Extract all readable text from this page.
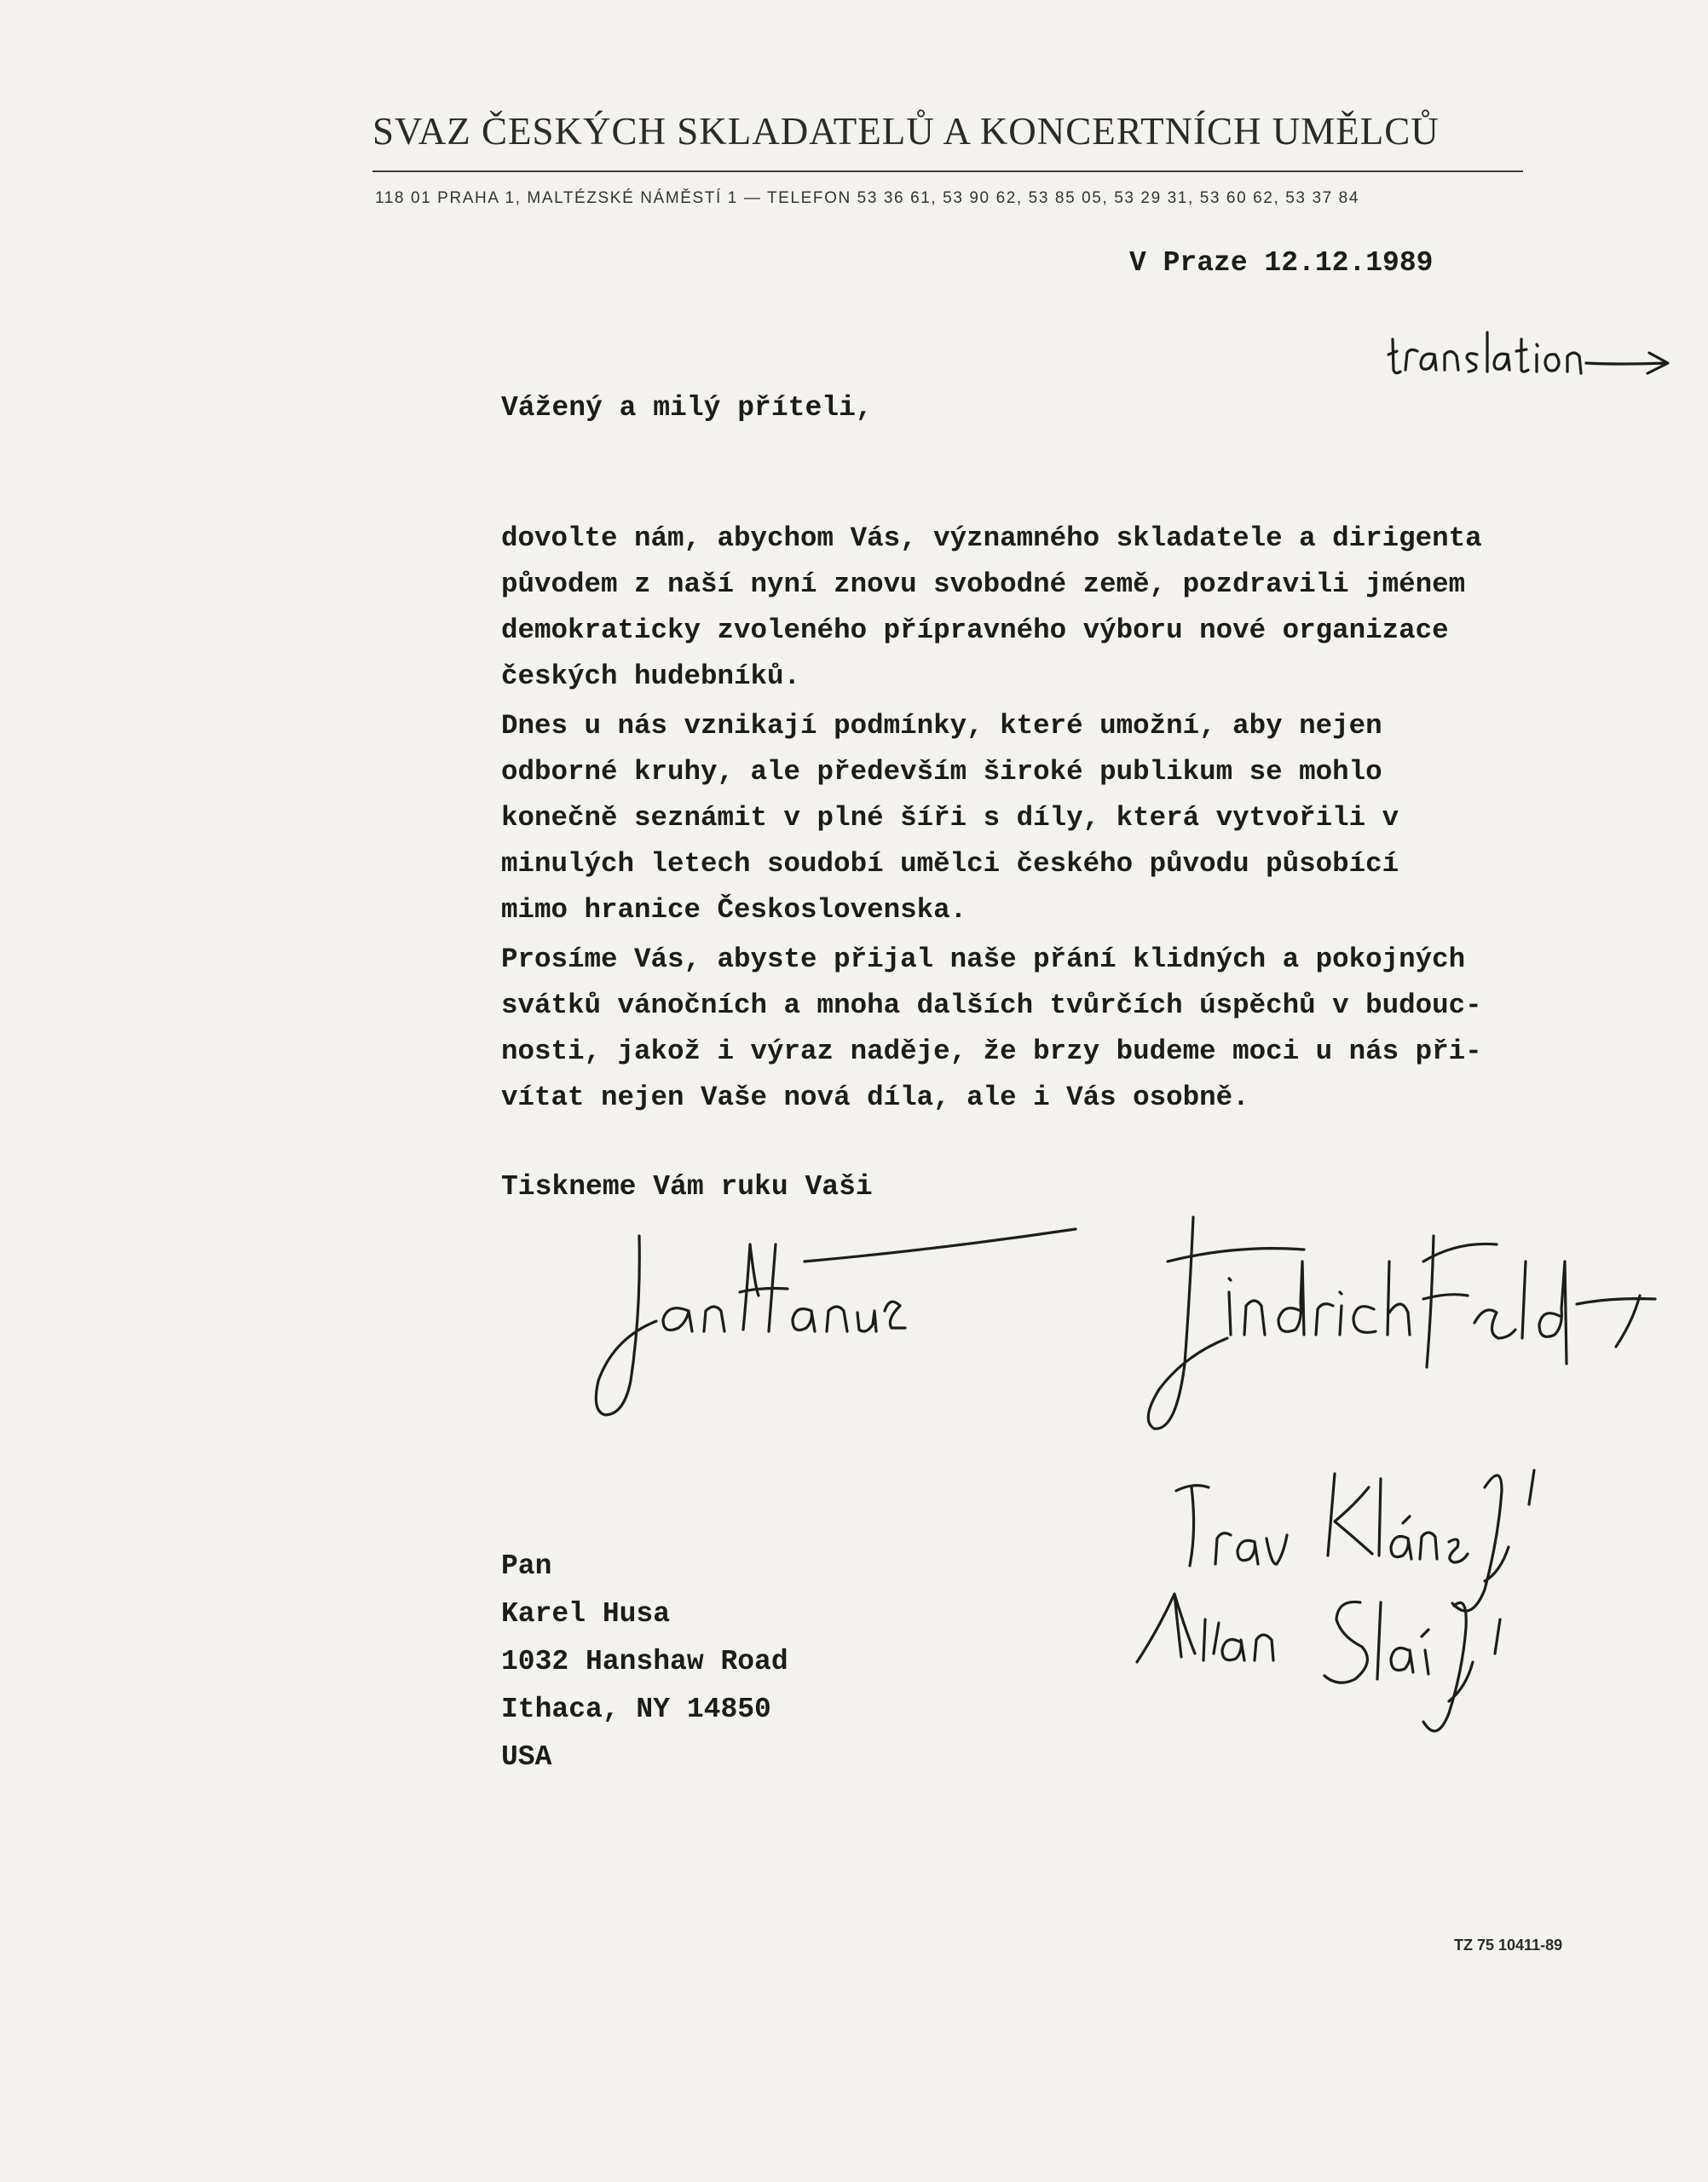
SVAZ ČESKÝCH SKLADATELŮ A KONCERTNÍCH UMĚLCŮ
118 01 PRAHA 1, MALTÉZSKÉ NÁMĚSTÍ 1 — TELEFON 53 36 61, 53 90 62, 53 85 05, 53 29 31, 53 60 62, 53 37 84
V Praze 12.12.1989
Vážený a milý příteli,
dovolte nám, abychom Vás, významného skladatele a dirigenta
původem z naší nyní znovu svobodné země, pozdravili jménem
demokraticky zvoleného přípravného výboru nové organizace
českých hudebníků.
Dnes u nás vznikají podmínky, které umožní, aby nejen
odborné kruhy, ale především široké publikum se mohlo
konečně seznámit v plné šíři s díly, která vytvořili v
minulých letech soudobí umělci českého původu působící
mimo hranice Československa.
Prosíme Vás, abyste přijal naše přání klidných a pokojných
svátků vánočních a mnoha dalších tvůrčích úspěchů v budouc-
nosti, jakož i výraz naděje, že brzy budeme moci u nás při-
vítat nejen Vaše nová díla, ale i Vás osobně.
Tiskneme Vám ruku Vaši
Pan
Karel Husa
1032 Hanshaw Road
Ithaca, NY 14850
USA
TZ 75 10411-89
